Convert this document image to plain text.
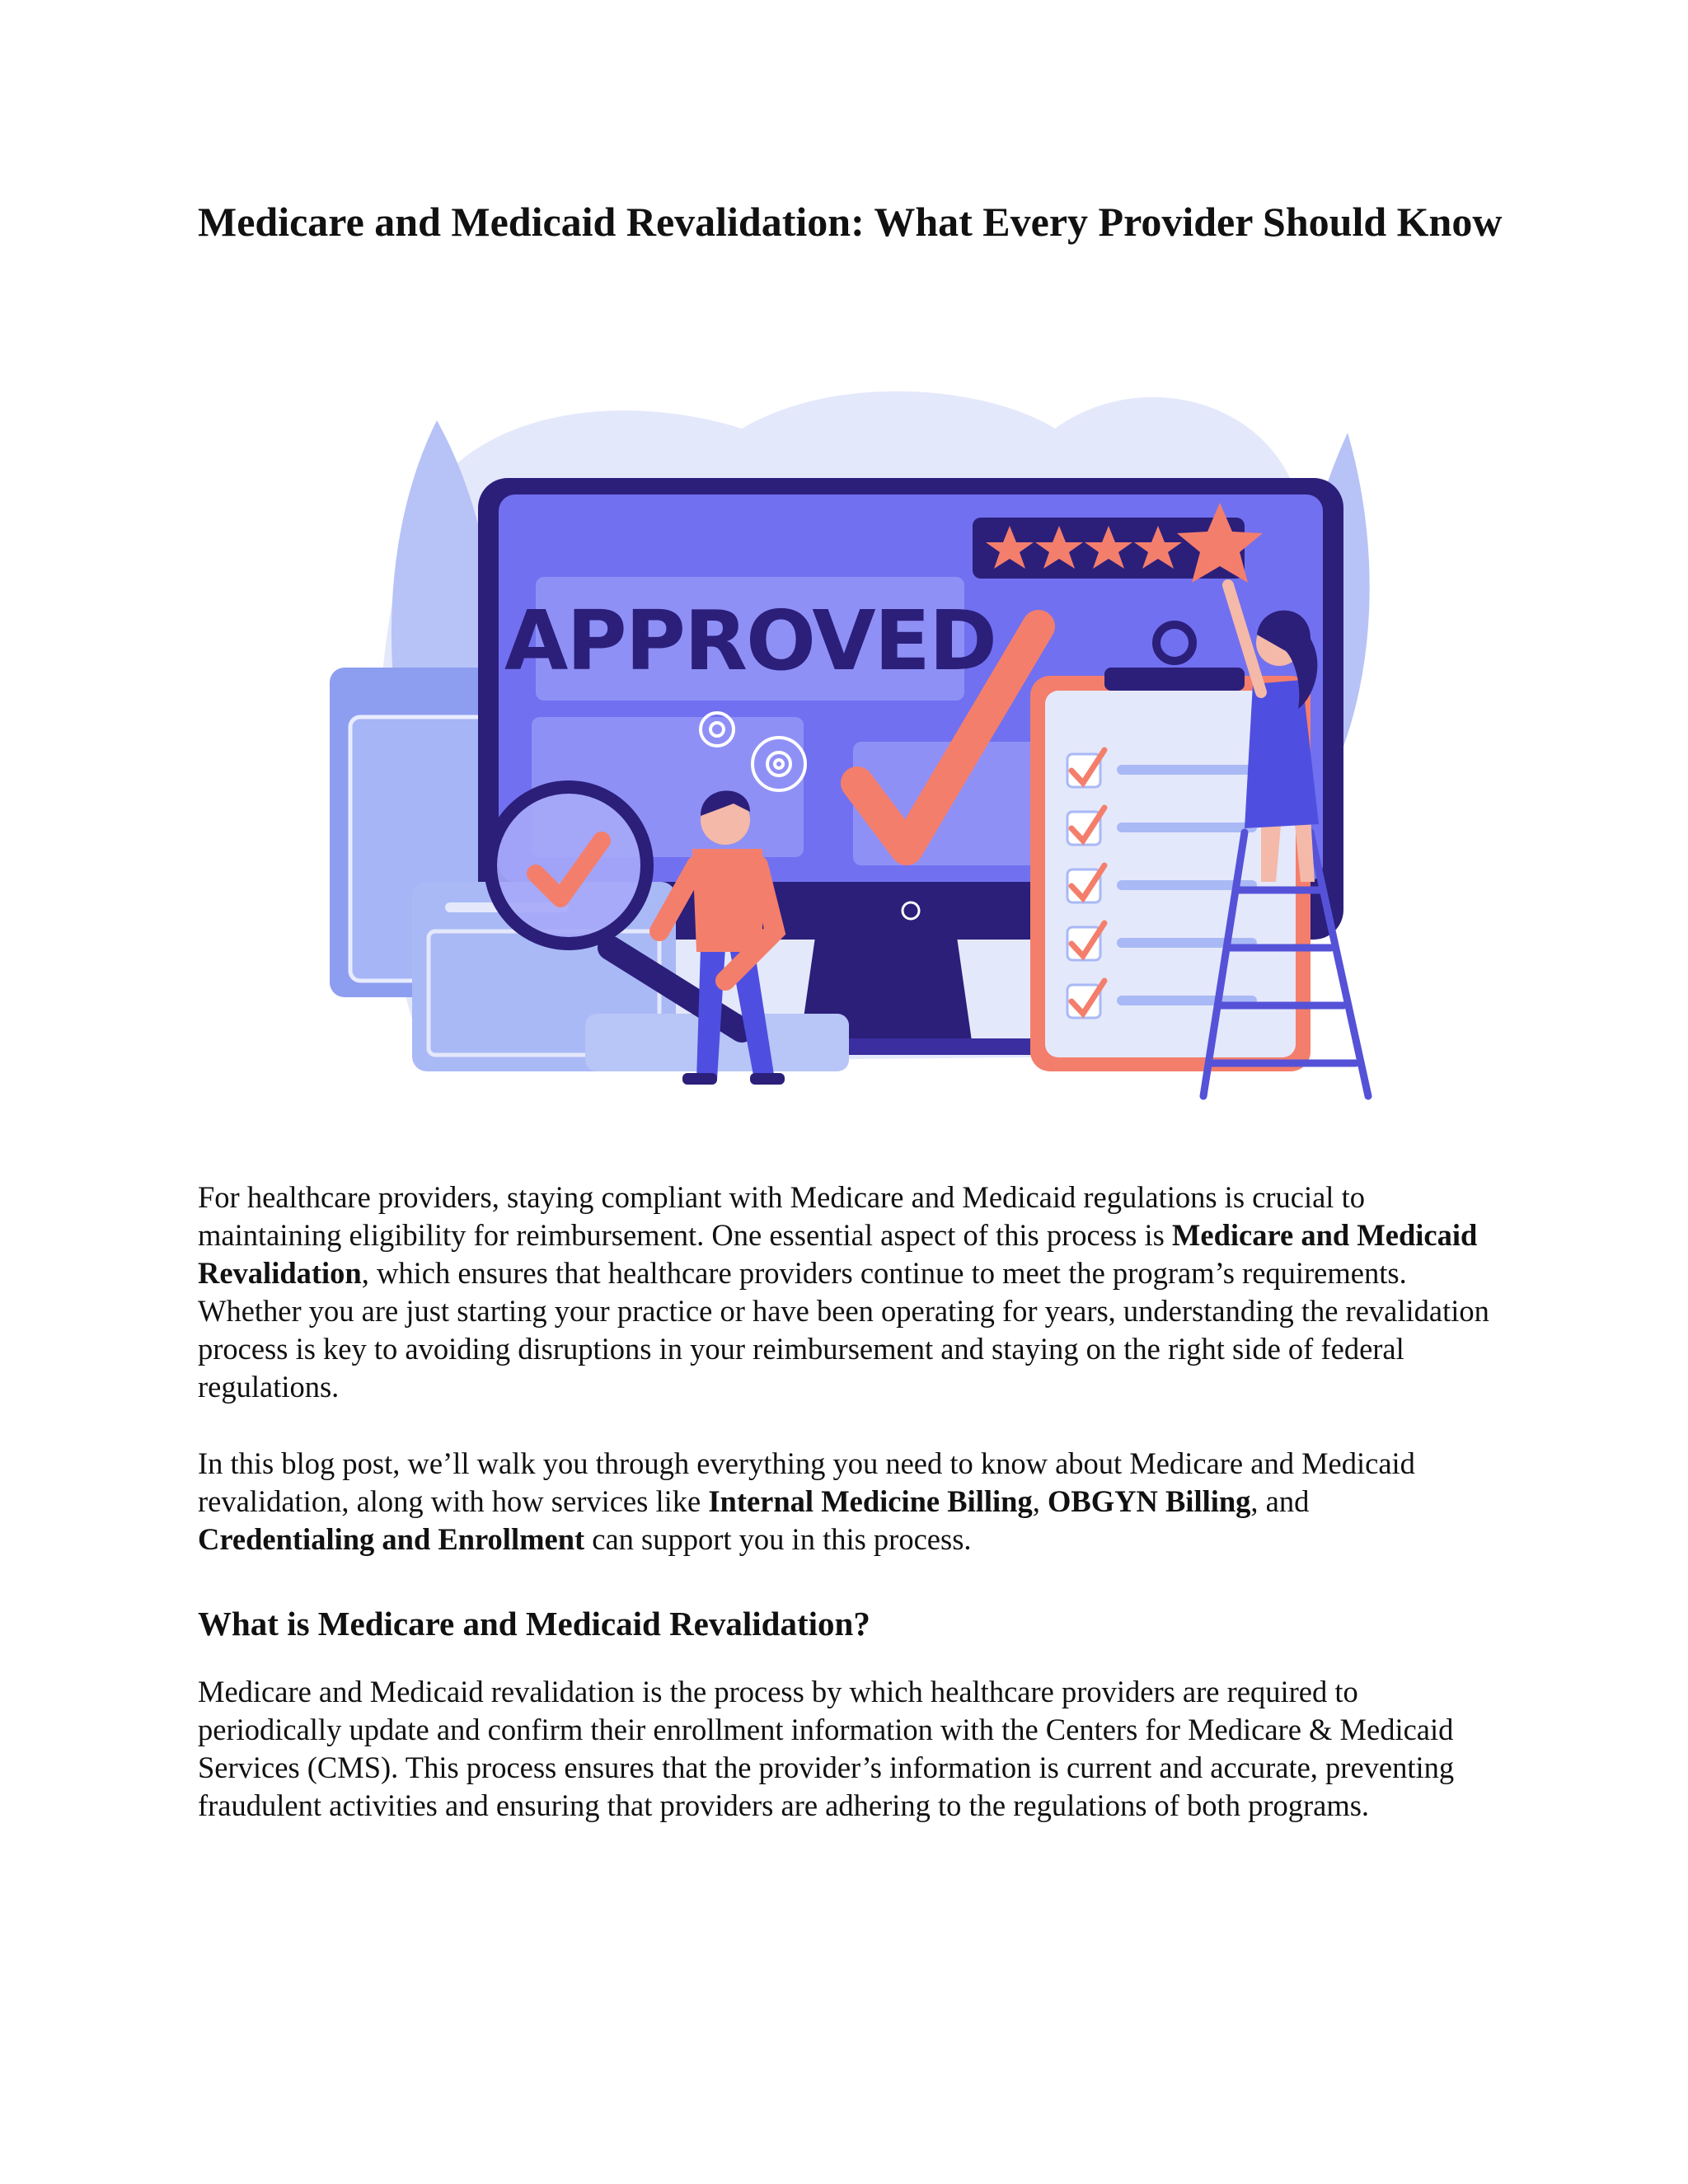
Medicare and Medicaid Revalidation: What Every Provider Should Know
APPROVED

For healthcare providers, staying compliant with Medicare and Medicaid regulations is crucial to maintaining eligibility for reimbursement. One essential aspect of this process is Medicare and Medicaid Revalidation, which ensures that healthcare providers continue to meet the program’s requirements. Whether you are just starting your practice or have been operating for years, understanding the revalidation process is key to avoiding disruptions in your reimbursement and staying on the right side of federal regulations.

In this blog post, we’ll walk you through everything you need to know about Medicare and Medicaid revalidation, along with how services like Internal Medicine Billing, OBGYN Billing, and Credentialing and Enrollment can support you in this process.

What is Medicare and Medicaid Revalidation?

Medicare and Medicaid revalidation is the process by which healthcare providers are required to periodically update and confirm their enrollment information with the Centers for Medicare & Medicaid Services (CMS). This process ensures that the provider’s information is current and accurate, preventing fraudulent activities and ensuring that providers are adhering to the regulations of both programs.
